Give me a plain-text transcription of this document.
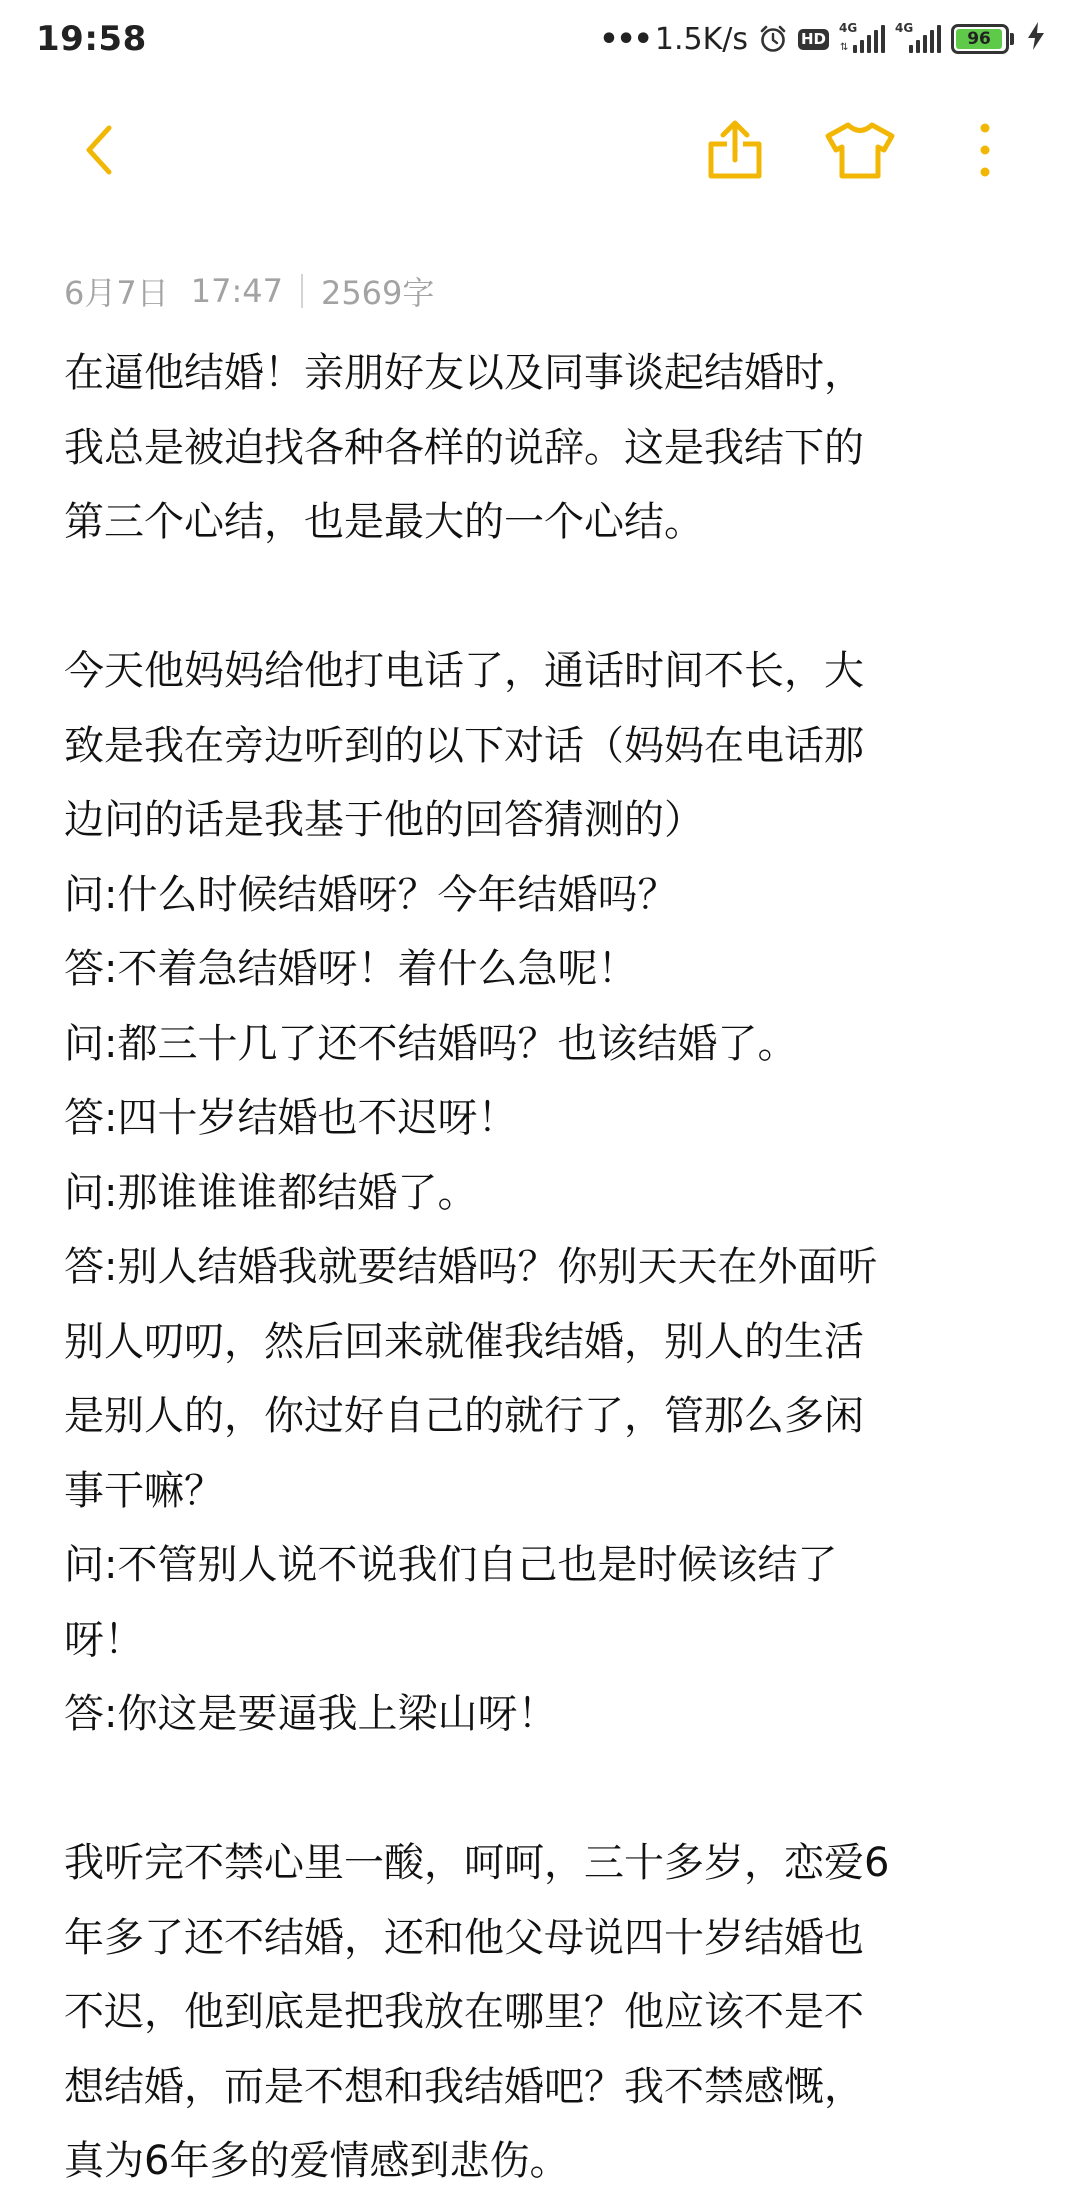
19:58	••• 1.5K/s	HD
4G
⇅
4G
96
6月7日 17:47 2569字
在逼他结婚！亲朋好友以及同事谈起结婚时，
我总是被迫找各种各样的说辞。这是我结下的
第三个心结，也是最大的一个心结。
今天他妈妈给他打电话了，通话时间不长，大
致是我在旁边听到的以下对话（妈妈在电话那
边问的话是我基于他的回答猜测的）
问:什么时候结婚呀？今年结婚吗？
答:不着急结婚呀！着什么急呢！
问:都三十几了还不结婚吗？也该结婚了。
答:四十岁结婚也不迟呀！
问:那谁谁谁都结婚了。
答:别人结婚我就要结婚吗？你别天天在外面听
别人叨叨，然后回来就催我结婚，别人的生活
是别人的，你过好自己的就行了，管那么多闲
事干嘛？
问:不管别人说不说我们自己也是时候该结了
呀！
答:你这是要逼我上梁山呀！
我听完不禁心里一酸，呵呵，三十多岁，恋爱6
年多了还不结婚，还和他父母说四十岁结婚也
不迟，他到底是把我放在哪里？他应该不是不
想结婚，而是不想和我结婚吧？我不禁感慨，
真为6年多的爱情感到悲伤。
